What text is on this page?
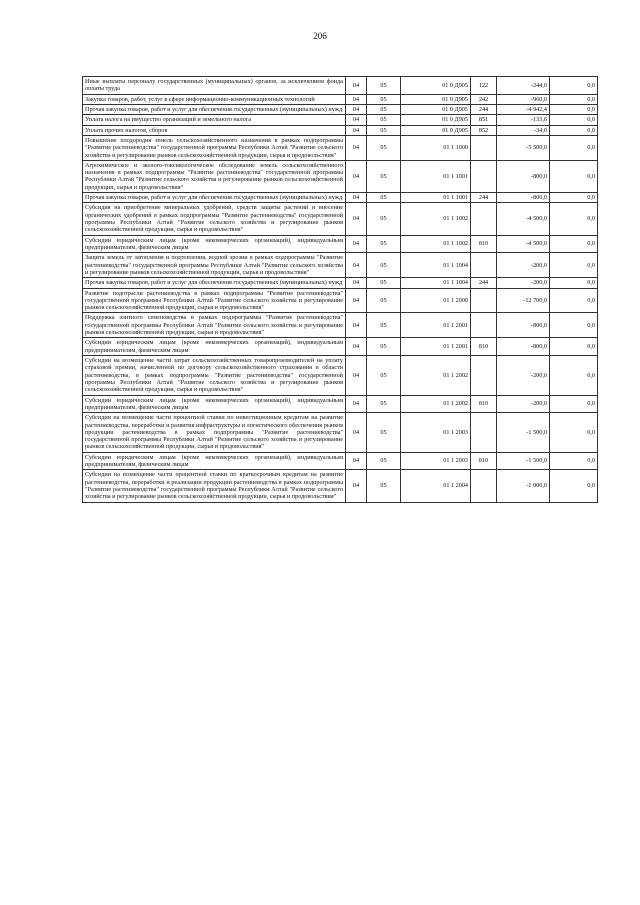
206
Иные выплаты персоналу государственных (муниципальных) органов, за исключением фонда оплаты труда	04	05	01 0 Д905	122	-244,0	0,0
Закупка товаров, работ, услуг в сфере информационно-коммуникационных технологий	04	05	01 0 Д905	242	-960,0	0,0
Прочая закупка товаров, работ и услуг для обеспечения государственных (муниципальных) нужд	04	05	01 0 Д905	244	-4 942,4	0,0
Уплата налога на имущество организаций и земельного налога	04	05	01 0 Д905	851	-133,6	0,0
Уплата прочих налогов, сборов	04	05	01 0 Д905	852	-34,0	0,0
Повышение плодородия земель сельскохозяйственного назначения в рамках подпрограммы "Развитие растениеводства" государственной программы Республики Алтай "Развитие сельского хозяйства и регулирование рынков сельскохозяйственной продукции, сырья и продовольствия"	04	05	01 1 1000		-5 500,0	0,0
Агрохимическое и эколого-токсикологическое обследование земель сельскохозяйственного назначения в рамках подпрограммы "Развитие растениеводства" государственной программы Республики Алтай "Развитие сельского хозяйства и регулирование рынков сельскохозяйственной продукции, сырья и продовольствия"	04	05	01 1 1001		-800,0	0,0
Прочая закупка товаров, работ и услуг для обеспечения государственных (муниципальных) нужд	04	05	01 1 1001	244	-800,0	0,0
Субсидия на приобретение минеральных удобрений, средств защиты растений и внесение органических удобрений в рамках подпрограммы "Развитие растениеводства" государственной программы Республики Алтай "Развитие сельского хозяйства и регулирование рынков сельскохозяйственной продукции, сырья и продовольствия"	04	05	01 1 1002		-4 500,0	0,0
Субсидии юридическим лицам (кроме некоммерческих организаций), индивидуальным предпринимателям, физическим лицам	04	05	01 1 1002	810	-4 500,0	0,0
Защита земель от затопления и подтопления, водной эрозии в рамках подпрограммы "Развитие растениеводства" государственной программы Республики Алтай "Развитие сельского хозяйства и регулирование рынков сельскохозяйственной продукции, сырья и продовольствия"	04	05	01 1 1004		-200,0	0,0
Прочая закупка товаров, работ и услуг для обеспечения государственных (муниципальных) нужд	04	05	01 1 1004	244	-200,0	0,0
Развитие подотрасли растениеводства в рамках подпрограммы "Развитие растениеводства" государственной программы Республики Алтай "Развитие сельского хозяйства и регулирование рынков сельскохозяйственной продукции, сырья и продовольствия"	04	05	01 1 2000		-12 700,0	0,0
Поддержка элитного семеноводства в рамках подпрограммы "Развитие растениеводства" государственной программы Республики Алтай "Развитие сельского хозяйства и регулирование рынков сельскохозяйственной продукции, сырья и продовольствия"	04	05	01 1 2001		-800,0	0,0
Субсидии юридическим лицам (кроме некоммерческих организаций), индивидуальным предпринимателям, физическим лицам	04	05	01 1 2001	810	-800,0	0,0
Субсидии на возмещение части затрат сельскохозяйственных товаропроизводителей на уплату страховой премии, начисленной по договору сельскохозяйственного страхования в области растениеводства, в рамках подпрограммы "Развитие растениеводства" государственной программы Республики Алтай "Развитие сельского хозяйства и регулирование рынков сельскохозяйственной продукции, сырья и продовольствия"	04	05	01 1 2002		-200,0	0,0
Субсидии юридическим лицам (кроме некоммерческих организаций), индивидуальным предпринимателям, физическим лицам	04	05	01 1 2002	810	-200,0	0,0
Субсидии на возмещение части процентной ставки по инвестиционным кредитам на развитие растениеводства, переработки и развития инфраструктуры и логистического обеспечения рынков продукции растениеводства в рамках подпрограммы "Развитие растениеводства" государственной программы Республики Алтай "Развитие сельского хозяйства и регулирование рынков сельскохозяйственной продукции, сырья и продовольствия"	04	05	01 1 2003		-1 500,0	0,0
Субсидии юридическим лицам (кроме некоммерческих организаций), индивидуальным предпринимателям, физическим лицам	04	05	01 1 2003	810	-1 500,0	0,0
Субсидии на возмещение части процентной ставки по краткосрочным кредитам на развитие растениеводства, переработки и реализации продукции растениеводства в рамках подпрограммы "Развитие растениеводства" государственной программы Республики Алтай "Развитие сельского хозяйства и регулирование рынков сельскохозяйственной продукции, сырья и продовольствия"	04	05	01 1 2004		-1 000,0	0,0
